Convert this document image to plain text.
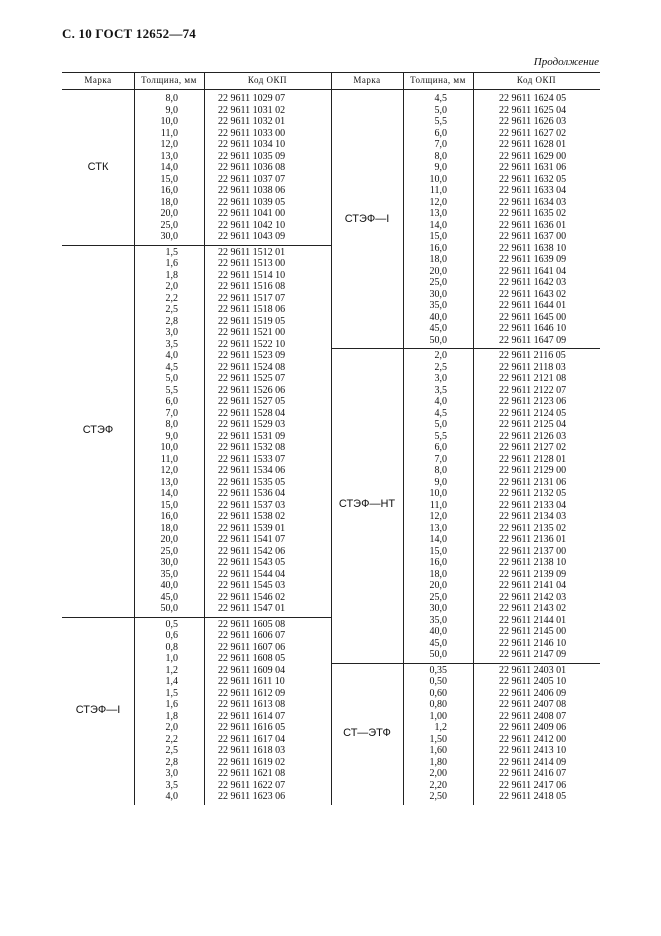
С. 10 ГОСТ 12652—74
Продолжение
Марка	Толщина, мм	Код ОКП	Марка	Толщина, мм	Код ОКП
СТК
8,0	22 9611 1029 07
9,0	22 9611 1031 02
10,0	22 9611 1032 01
11,0	22 9611 1033 00
12,0	22 9611 1034 10
13,0	22 9611 1035 09
14,0	22 9611 1036 08
15,0	22 9611 1037 07
16,0	22 9611 1038 06
18,0	22 9611 1039 05
20,0	22 9611 1041 00
25,0	22 9611 1042 10
30,0	22 9611 1043 09
СТЭФ
1,5	22 9611 1512 01
1,6	22 9611 1513 00
1,8	22 9611 1514 10
2,0	22 9611 1516 08
2,2	22 9611 1517 07
2,5	22 9611 1518 06
2,8	22 9611 1519 05
3,0	22 9611 1521 00
3,5	22 9611 1522 10
4,0	22 9611 1523 09
4,5	22 9611 1524 08
5,0	22 9611 1525 07
5,5	22 9611 1526 06
6,0	22 9611 1527 05
7,0	22 9611 1528 04
8,0	22 9611 1529 03
9,0	22 9611 1531 09
10,0	22 9611 1532 08
11,0	22 9611 1533 07
12,0	22 9611 1534 06
13,0	22 9611 1535 05
14,0	22 9611 1536 04
15,0	22 9611 1537 03
16,0	22 9611 1538 02
18,0	22 9611 1539 01
20,0	22 9611 1541 07
25,0	22 9611 1542 06
30,0	22 9611 1543 05
35,0	22 9611 1544 04
40,0	22 9611 1545 03
45,0	22 9611 1546 02
50,0	22 9611 1547 01
СТЭФ—I
0,5	22 9611 1605 08
0,6	22 9611 1606 07
0,8	22 9611 1607 06
1,0	22 9611 1608 05
1,2	22 9611 1609 04
1,4	22 9611 1611 10
1,5	22 9611 1612 09
1,6	22 9611 1613 08
1,8	22 9611 1614 07
2,0	22 9611 1616 05
2,2	22 9611 1617 04
2,5	22 9611 1618 03
2,8	22 9611 1619 02
3,0	22 9611 1621 08
3,5	22 9611 1622 07
4,0	22 9611 1623 06
СТЭФ—I
4,5	22 9611 1624 05
5,0	22 9611 1625 04
5,5	22 9611 1626 03
6,0	22 9611 1627 02
7,0	22 9611 1628 01
8,0	22 9611 1629 00
9,0	22 9611 1631 06
10,0	22 9611 1632 05
11,0	22 9611 1633 04
12,0	22 9611 1634 03
13,0	22 9611 1635 02
14,0	22 9611 1636 01
15,0	22 9611 1637 00
16,0	22 9611 1638 10
18,0	22 9611 1639 09
20,0	22 9611 1641 04
25,0	22 9611 1642 03
30,0	22 9611 1643 02
35,0	22 9611 1644 01
40,0	22 9611 1645 00
45,0	22 9611 1646 10
50,0	22 9611 1647 09
СТЭФ—НТ
2,0	22 9611 2116 05
2,5	22 9611 2118 03
3,0	22 9611 2121 08
3,5	22 9611 2122 07
4,0	22 9611 2123 06
4,5	22 9611 2124 05
5,0	22 9611 2125 04
5,5	22 9611 2126 03
6,0	22 9611 2127 02
7,0	22 9611 2128 01
8,0	22 9611 2129 00
9,0	22 9611 2131 06
10,0	22 9611 2132 05
11,0	22 9611 2133 04
12,0	22 9611 2134 03
13,0	22 9611 2135 02
14,0	22 9611 2136 01
15,0	22 9611 2137 00
16,0	22 9611 2138 10
18,0	22 9611 2139 09
20,0	22 9611 2141 04
25,0	22 9611 2142 03
30,0	22 9611 2143 02
35,0	22 9611 2144 01
40,0	22 9611 2145 00
45,0	22 9611 2146 10
50,0	22 9611 2147 09
СТ—ЭТФ
0,35	22 9611 2403 01
0,50	22 9611 2405 10
0,60	22 9611 2406 09
0,80	22 9611 2407 08
1,00	22 9611 2408 07
1,2	22 9611 2409 06
1,50	22 9611 2412 00
1,60	22 9611 2413 10
1,80	22 9611 2414 09
2,00	22 9611 2416 07
2,20	22 9611 2417 06
2,50	22 9611 2418 05
